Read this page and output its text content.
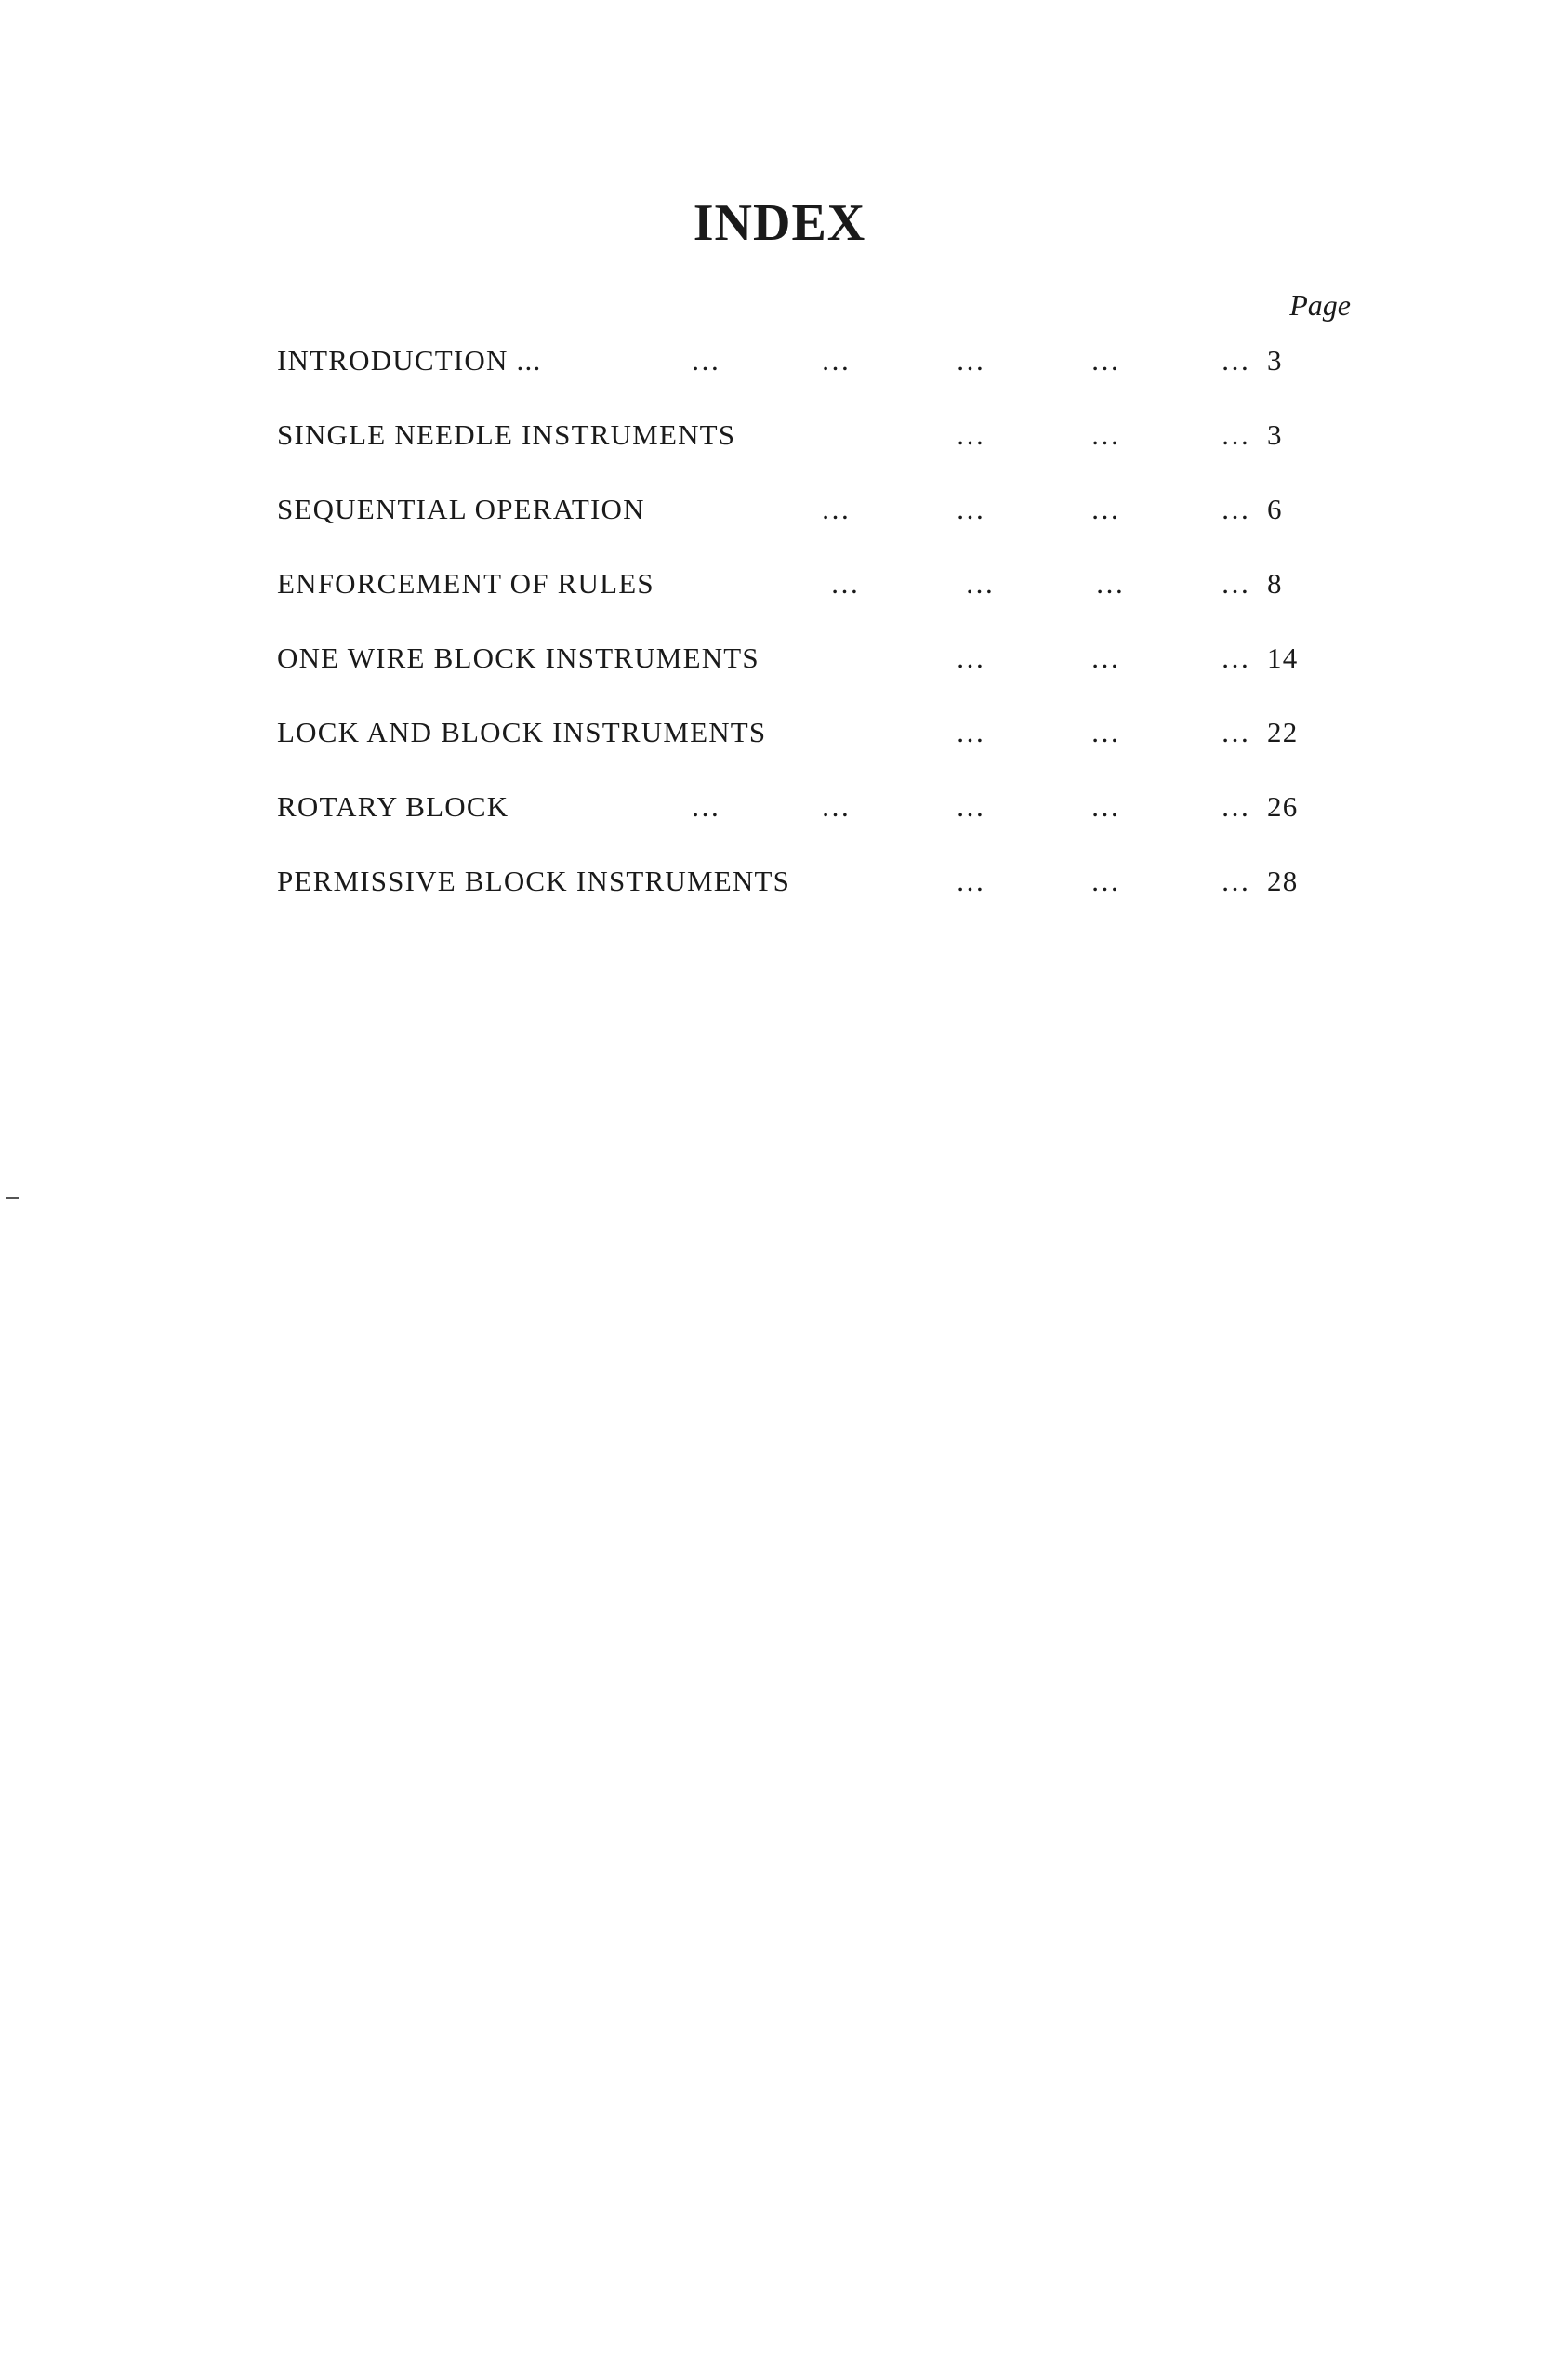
INDEX
Page
INTRODUCTION ...	…	…	…	…	… 3
SINGLE NEEDLE INSTRUMENTS	…	…	… 3
SEQUENTIAL OPERATION	…	…	…	… 6
ENFORCEMENT OF RULES	…	…	…	… 8
ONE WIRE BLOCK INSTRUMENTS	…	…	… 14
LOCK AND BLOCK INSTRUMENTS	…	…	… 22
ROTARY BLOCK	…	…	…	…	… 26
PERMISSIVE BLOCK INSTRUMENTS	…	…	… 28
